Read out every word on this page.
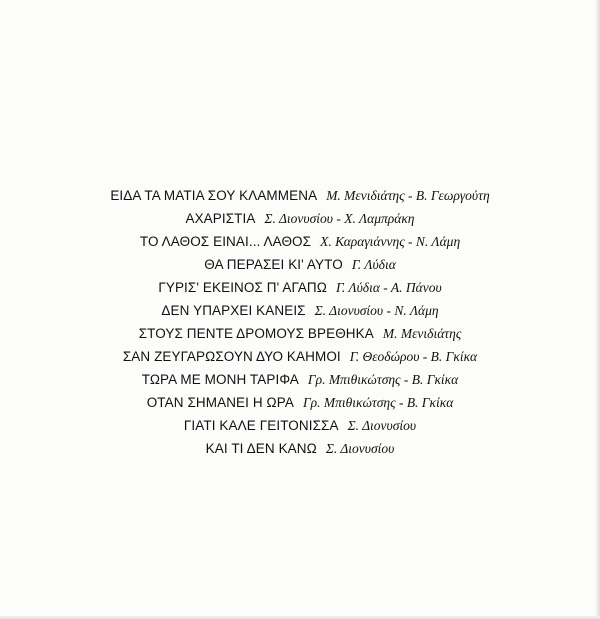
ΕΙΔΑ ΤΑ ΜΑΤΙΑ ΣΟΥ ΚΛΑΜΜΕΝΑ Μ. Μενιδιάτης - Β. Γεωργούτη
ΑΧΑΡΙΣΤΙΑ Σ. Διονυσίου - Χ. Λαμπράκη
ΤΟ ΛΑΘΟΣ ΕΙΝΑΙ... ΛΑΘΟΣ Χ. Καραγιάννης - Ν. Λάμη
ΘΑ ΠΕΡΑΣΕΙ ΚΙ' ΑΥΤΟ Γ. Λύδια
ΓΥΡΙΣ' ΕΚΕΙΝΟΣ Π' ΑΓΑΠΩ Γ. Λύδια - Α. Πάνου
ΔΕΝ ΥΠΑΡΧΕΙ ΚΑΝΕΙΣ Σ. Διονυσίου - Ν. Λάμη
ΣΤΟΥΣ ΠΕΝΤΕ ΔΡΟΜΟΥΣ ΒΡΕΘΗΚΑ Μ. Μενιδιάτης
ΣΑΝ ΖΕΥΓΑΡΩΣΟΥΝ ΔΥΟ ΚΑΗΜΟΙ Γ. Θεοδώρου - Β. Γκίκα
ΤΩΡΑ ΜΕ ΜΟΝΗ ΤΑΡΙΦΑ Γρ. Μπιθικώτσης - Β. Γκίκα
ΟΤΑΝ ΣΗΜΑΝΕΙ Η ΩΡΑ Γρ. Μπιθικώτσης - Β. Γκίκα
ΓΙΑΤΙ ΚΑΛΕ ΓΕΙΤΟΝΙΣΣΑ Σ. Διονυσίου
ΚΑΙ ΤΙ ΔΕΝ ΚΑΝΩ Σ. Διονυσίου
